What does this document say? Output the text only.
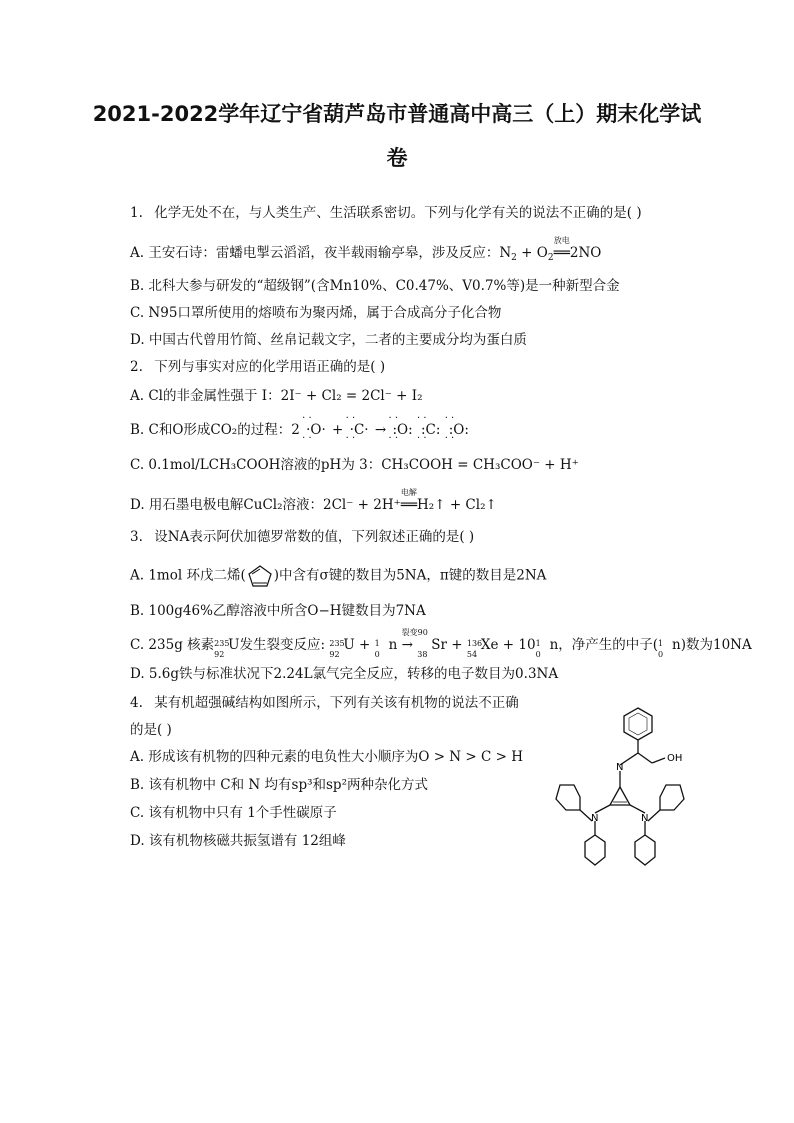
2021-2022学年辽宁省葫芦岛市普通高中高三（上）期末化学试卷
1. 化学无处不在，与人类生产、生活联系密切。下列与化学有关的说法不正确的是( )
A. 王安石诗：雷蟠电掣云滔滔，夜半载雨输亭皋，涉及反应：$N_2 + O_2$
放电
══2NO
B. 北科大参与研发的“超级钢”(含Mn10%、C0.47%、V0.7%等)是一种新型合金
C. N95口罩所使用的熔喷布为聚丙烯，属于合成高分子化合物
D. 中国古代曾用竹简、丝帛记载文字，二者的主要成分均为蛋白质
2. 下列与事实对应的化学用语正确的是( )
A. Cl的非金属性强于 I：2I⁻ + Cl₂ = 2Cl⁻ + I₂
B. C和O形成CO₂的过程：2 · · ·O· · · + · · ·C· · · → · · :O: · · · · :C: · · · · :O: · ·
C. 0.1mol/LCH₃COOH溶液的pH为 3：CH₃COOH = CH₃COO⁻ + H⁺
D. 用石墨电极电解CuCl₂溶液：2Cl⁻ + 2H⁺
电解
══H₂↑ + Cl₂↑
3. 设NA表示阿伏加德罗常数的值，下列叙述正确的是( )
A. 1mol 环戊二烯( )中含有σ键的数目为5NA，π键的数目是2NA
B. 100g46%乙醇溶液中所含O−H键数目为7NA
C. 235g 核素 235
92
U发生裂变反应: 235
92
U + 1
0
n
裂变90
→
38
Sr + 136
54
Xe + 10 1
0
n，净产生的中子( 1
0
n)数为10NA
D. 5.6g铁与标准状况下2.24L氯气完全反应，转移的电子数目为0.3NA
4. 某有机超强碱结构如图所示，下列有关该有机物的说法不正确
的是( )
A. 形成该有机物的四种元素的电负性大小顺序为O > N > C > H
B. 该有机物中 C和 N 均有sp³和sp²两种杂化方式
C. 该有机物中只有 1个手性碳原子
D. 该有机物核磁共振氢谱有 12组峰
N
OH
N	N
